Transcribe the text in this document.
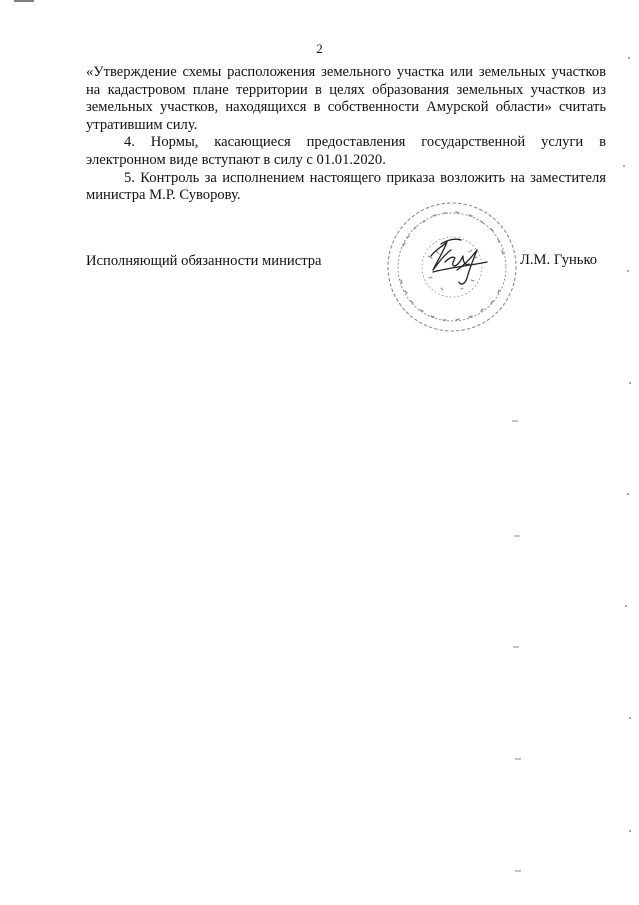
2

«Утверждение схемы расположения земельного участка или земельных участков на кадастровом плане территории в целях образования земельных участков из земельных участков, находящихся в собственности Амурской области» считать утратившим силу.

4. Нормы, касающиеся предоставления государственной услуги в электронном виде вступают в силу с 01.01.2020.

5. Контроль за исполнением настоящего приказа возложить на заместителя министра М.Р. Суворову.

Исполняющий обязанности министра	Л.М. Гунько
